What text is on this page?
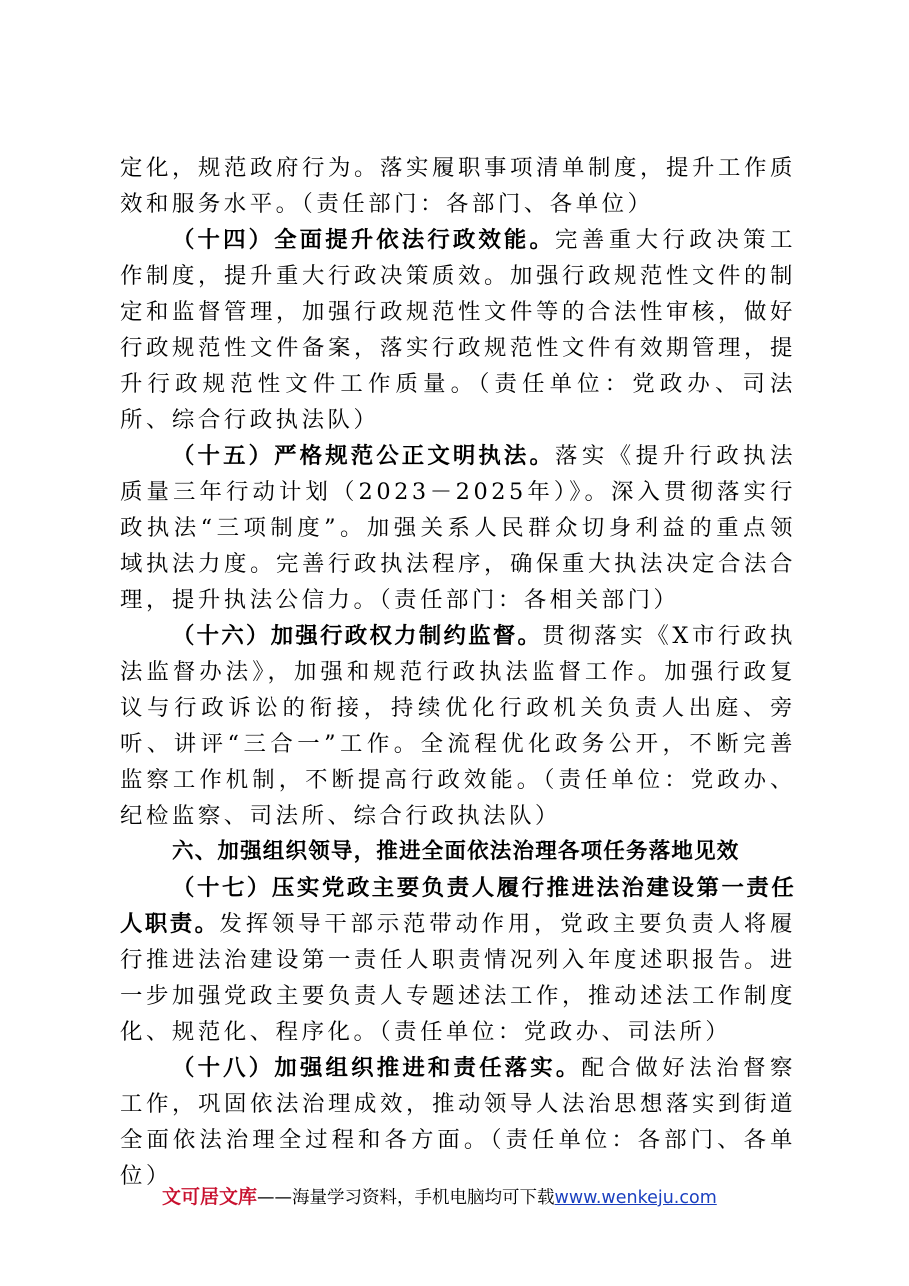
定化，规范政府行为。落实履职事项清单制度，提升工作质效和服务水平。（责任部门：各部门、各单位）

（十四）全面提升依法行政效能。完善重大行政决策工作制度，提升重大行政决策质效。加强行政规范性文件的制定和监督管理，加强行政规范性文件等的合法性审核，做好行政规范性文件备案，落实行政规范性文件有效期管理，提升行政规范性文件工作质量。（责任单位：党政办、司法所、综合行政执法队）

（十五）严格规范公正文明执法。落实《提升行政执法质量三年行动计划（2023－2025年）》。深入贯彻落实行政执法“三项制度”。加强关系人民群众切身利益的重点领域执法力度。完善行政执法程序，确保重大执法决定合法合理，提升执法公信力。（责任部门：各相关部门）

（十六）加强行政权力制约监督。贯彻落实《X市行政执法监督办法》，加强和规范行政执法监督工作。加强行政复议与行政诉讼的衔接，持续优化行政机关负责人出庭、旁听、讲评“三合一”工作。全流程优化政务公开，不断完善监察工作机制，不断提高行政效能。（责任单位：党政办、纪检监察、司法所、综合行政执法队）

六、加强组织领导，推进全面依法治理各项任务落地见效

（十七）压实党政主要负责人履行推进法治建设第一责任人职责。发挥领导干部示范带动作用，党政主要负责人将履行推进法治建设第一责任人职责情况列入年度述职报告。进一步加强党政主要负责人专题述法工作，推动述法工作制度化、规范化、程序化。（责任单位：党政办、司法所）

（十八）加强组织推进和责任落实。配合做好法治督察工作，巩固依法治理成效，推动领导人法治思想落实到街道全面依法治理全过程和各方面。（责任单位：各部门、各单位）

文可居文库——海量学习资料，手机电脑均可下载www.wenkeju.com
